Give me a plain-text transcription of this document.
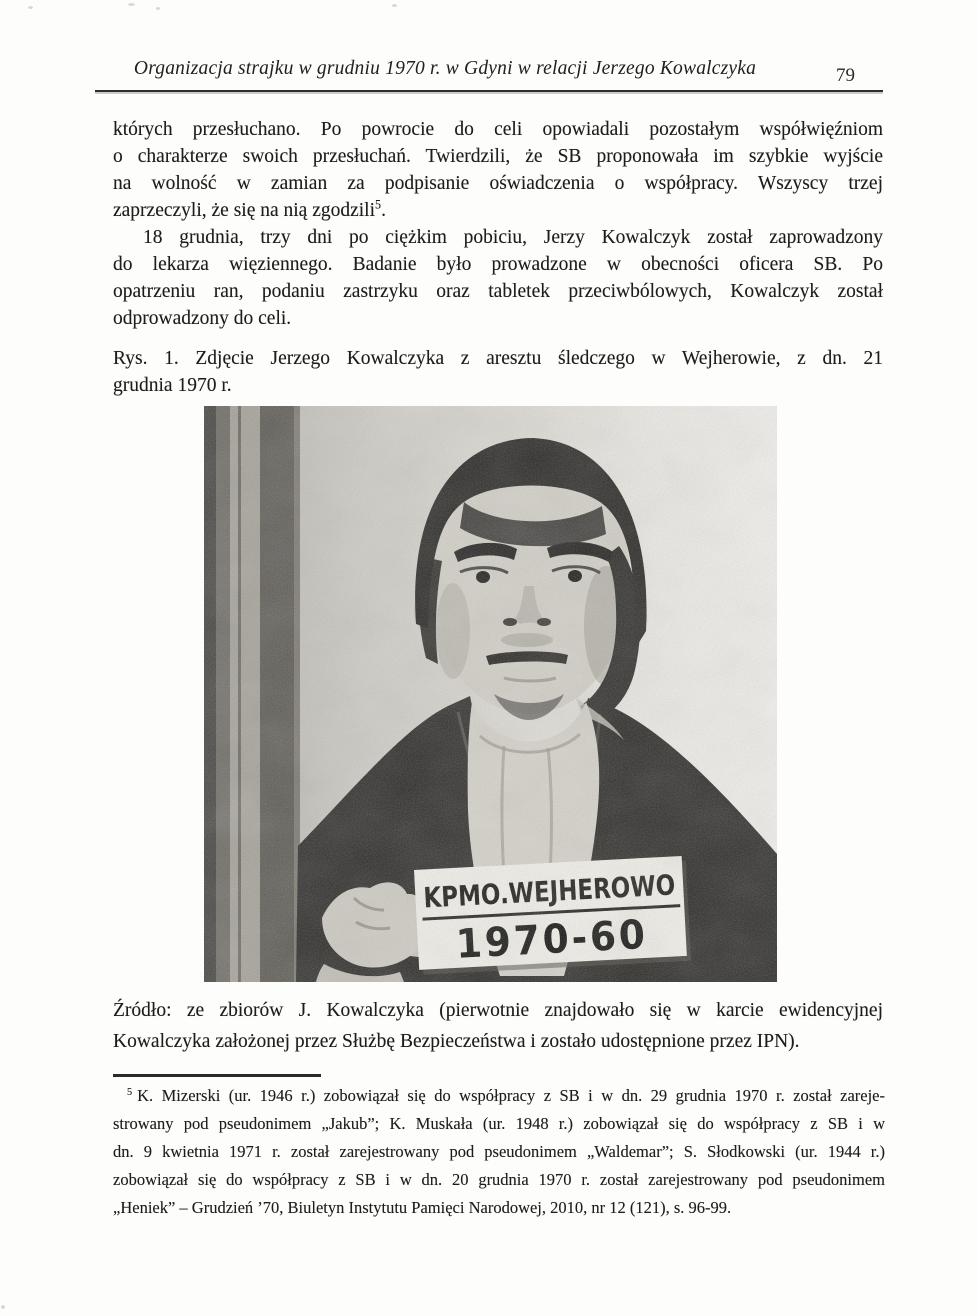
Organizacja strajku w grudniu 1970 r. w Gdyni w relacji Jerzego Kowalczyka	79
których przesłuchano. Po powrocie do celi opowiadali pozostałym współwięźniom
o charakterze swoich przesłuchań. Twierdzili, że SB proponowała im szybkie wyjście
na wolność w zamian za podpisanie oświadczenia o współpracy. Wszyscy trzej
zaprzeczyli, że się na nią zgodzili$^5$.
18 grudnia, trzy dni po ciężkim pobiciu, Jerzy Kowalczyk został zaprowadzony
do lekarza więziennego. Badanie było prowadzone w obecności oficera SB. Po
opatrzeniu ran, podaniu zastrzyku oraz tabletek przeciwbólowych, Kowalczyk został
odprowadzony do celi.
Rys. 1. Zdjęcie Jerzego Kowalczyka z aresztu śledczego w Wejherowie, z dn. 21
grudnia 1970 r.
KPMO.WEJHEROWO
1970-60
Źródło: ze zbiorów J. Kowalczyka (pierwotnie znajdowało się w karcie ewidencyjnej
Kowalczyka założonej przez Służbę Bezpieczeństwa i zostało udostępnione przez IPN).
$^5$ K. Mizerski (ur. 1946 r.) zobowiązał się do współpracy z SB i w dn. 29 grudnia 1970 r. został zareje-
strowany pod pseudonimem „Jakub”; K. Muskała (ur. 1948 r.) zobowiązał się do współpracy z SB i w
dn. 9 kwietnia 1971 r. został zarejestrowany pod pseudonimem „Waldemar”; S. Słodkowski (ur. 1944 r.)
zobowiązał się do współpracy z SB i w dn. 20 grudnia 1970 r. został zarejestrowany pod pseudonimem
„Heniek” – Grudzień ’70, Biuletyn Instytutu Pamięci Narodowej, 2010, nr 12 (121), s. 96-99.
